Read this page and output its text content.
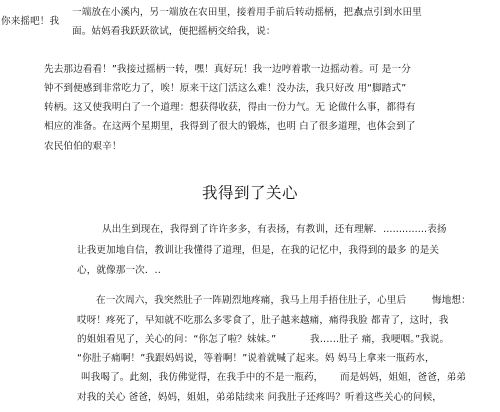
你来摇吧！我
一端放在小溪内，另一端放在农田里，接着用手前后转动摇柄，把水一
点点引到水田里
面。姑妈看我跃跃欲试，便把摇柄交给我，说：
先去那边看看！”我接过摇柄一转，嘿！真好玩！我一边哼着歌一边摇动着。可 是一分
钟不到便感到非常吃力了，唉！原来干这门活这么难！没办法，我只好改 用“脚踏式”
转柄。这又使我明白了一个道理：想获得收获，得由一份力气。无 论做什么事，都得有
相应的准备。在这两个星期里，我得到了很大的锻炼，也明 白了很多道理，也体会到了
农民伯伯的艰辛！
我得到了关心
从出生到现在，我得到了许许多多，有表扬，有教训，还有理解．..............表扬
让我更加地自信，教训让我懂得了道理，但是，在我的记忆中，我得到的最多 的是关
心，就像那一次．..
在一次周六，我突然肚子一阵剧烈地疼痛，我马上用手捂住肚子，心里后	悔地想：
哎呀！疼死了，早知就不吃那么多零食了，肚子越来越痛，痛得我脸 都青了，这时，我
的姐姐看见了，关心的问：“你怎了啦？妹妹。”	我‥‥‥肚子 痛，我哽咽。”我说。
“你肚子痛啊！”我跟妈妈说，等着啊！”说着就喊了起来。妈 妈马上拿来一瓶药水，
叫我喝了。此刻，我仿佛觉得，在我手中的不是一瓶药， 而是妈妈，姐姐，爸爸，弟弟
对我的关心 爸爸，妈妈，姐姐，弟弟陆续来 问我肚子还疼吗？听着这些关心的问候，
